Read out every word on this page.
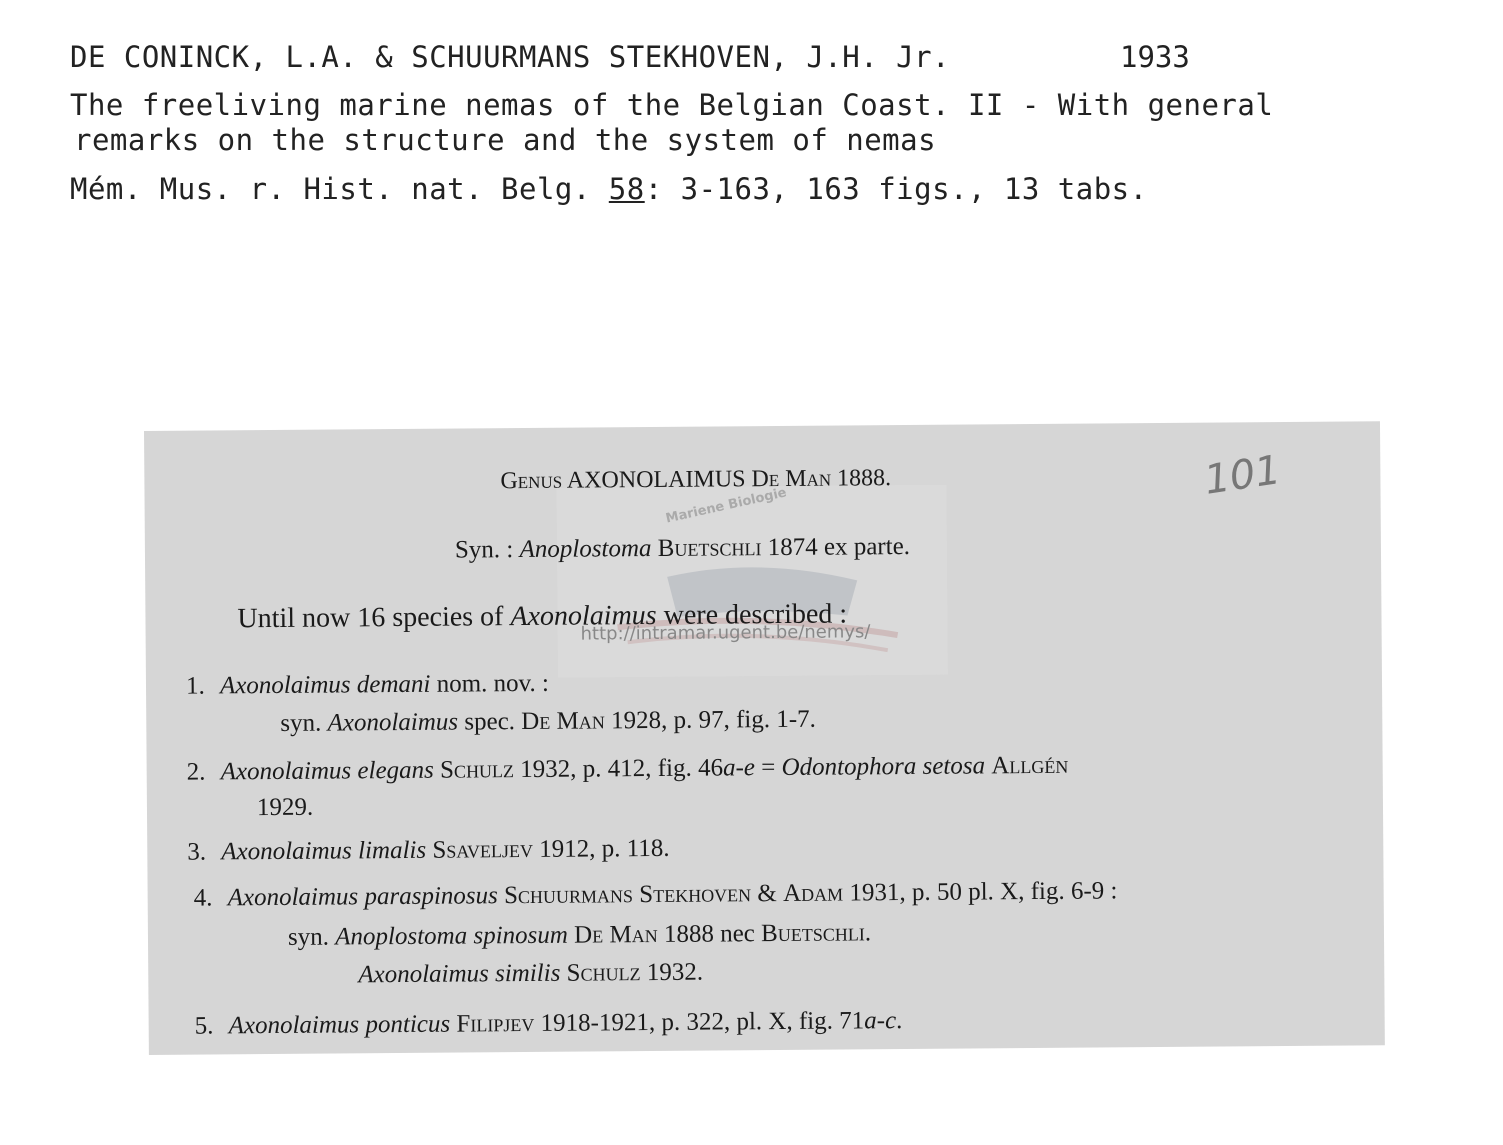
DE CONINCK, L.A. & SCHUURMANS STEKHOVEN, J.H. Jr.	1933
The freeliving marine nemas of the Belgian Coast. II - With general
remarks on the structure and the system of nemas
Mém. Mus. r. Hist. nat. Belg. 58: 3-163, 163 figs., 13 tabs.
Mariene Biologie
http://intramar.ugent.be/nemys/
Genus AXONOLAIMUS De Man 1888.	101
Syn. : Anoplostoma Buetschli 1874 ex parte.
Until now 16 species of Axonolaimus were described :
1. Axonolaimus demani nom. nov. :
syn. Axonolaimus spec. De Man 1928, p. 97, fig. 1-7.
2. Axonolaimus elegans Schulz 1932, p. 412, fig. 46a-e = Odontophora setosa Allgén
1929.
3. Axonolaimus limalis Ssaveljev 1912, p. 118.
4. Axonolaimus paraspinosus Schuurmans Stekhoven & Adam 1931, p. 50 pl. X, fig. 6-9 :
syn. Anoplostoma spinosum De Man 1888 nec Buetschli.
Axonolaimus similis Schulz 1932.
5. Axonolaimus ponticus Filipjev 1918-1921, p. 322, pl. X, fig. 71a-c.
